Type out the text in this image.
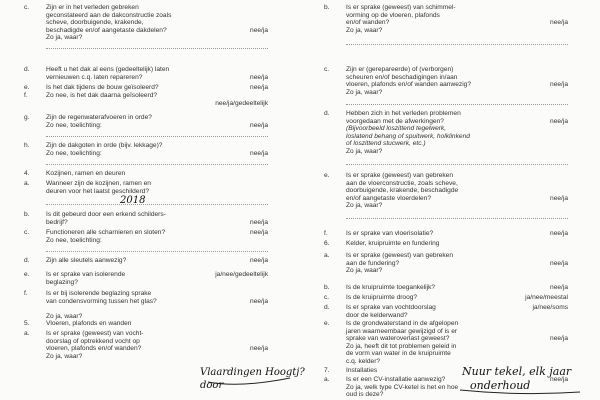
c.	Zijn er in het verleden gebreken
geconstateerd aan de dakconstructie zoals
scheve, doorbuigende, krakende,
beschadigde en/of aangetaste dakdelen?	nee/ja
Zo ja, waar?
d.	Heeft u het dak al eens (gedeeltelijk) laten
vernieuwen c.q. laten repareren?	nee/ja
e.	Is het dak tijdens de bouw geïsoleerd?	nee/ja
f.	Zo nee, is het dak daarna geïsoleerd?
nee/ja/gedeeltelijk
g.	Zijn de regenwaterafvoeren in orde?
Zo nee, toelichting:	nee/ja
h.	Zijn de dakgoten in orde (bijv. lekkage)?
Zo nee, toelichting:	nee/ja
4.	Kozijnen, ramen en deuren
a.	Wanneer zijn de kozijnen, ramen en
deuren voor het laatst geschilderd?
2018
b.	Is dit gebeurd door een erkend schilders-
bedrijf?	nee/ja
c.	Functioneren alle scharnieren en sloten?	nee/ja
Zo nee, toelichting:
d.	Zijn alle sleutels aanwezig?	nee/ja
e.	Is er sprake van isolerende	ja/nee/gedeeltelijk
beglazing?
f.	Is er bij isolerende beglazing sprake
van condensvorming tussen het glas?	nee/ja
Zo ja, waar?
5.	Vloeren, plafonds en wanden
a.	Is er sprake (geweest) van vocht-
doorslag of optrekkend vocht op
vloeren, plafonds en/of wanden?	nee/ja
Zo ja, waar?
b.	Is er sprake (geweest) van schimmel-
vorming op de vloeren, plafonds
en/of wanden?	nee/ja
Zo ja, waar?
c.	Zijn er (gerepareerde) of (verborgen)
scheuren en/of beschadigingen in/aan
vloeren, plafonds en/of wanden aanwezig?	nee/ja
Zo ja, waar?
d.	Hebben zich in het verleden problemen
voorgedaan met de afwerkingen?	nee/ja
(Bijvoorbeeld loszittend tegelwerk,
loslatend behang of spuitwerk, holklinkend
of loszittend stucwerk, etc.)
Zo ja, waar?
e.	Is er sprake (geweest) van gebreken
aan de vloerconstructie, zoals scheve,
doorbuigende, krakende, beschadigde
en/of aangetaste vloerdelen?	nee/ja
Zo ja, waar?
f.	Is er sprake van vloerisolatie?	nee/ja
6.	Kelder, kruipruimte en fundering
a.	Is er sprake (geweest) van gebreken
aan de fundering?	nee/ja
Zo ja, waar?
b.	Is de kruipruimte toegankelijk?	nee/ja
c.	Is de kruipruimte droog?	ja/nee/meestal
d.	Is er sprake van vochtdoorslag	ja/nee/soms
door de kelderwand?
e.	Is de grondwaterstand in de afgelopen
jaren waarneembaar gewijzigd of is er
sprake van wateroverlast geweest?	nee/ja
Zo ja, heeft dit tot problemen geleid in
de vorm van water in de kruipruimte
c.q. kelder?
7.	Installaties
a.	Is er een CV-installatie aanwezig?	nee/ja
Zo ja, welk type CV-ketel is het en hoe
oud is deze?
Vlaardingen Hoogtj?
door
Nuur tekel, elk jaar
onderhoud
